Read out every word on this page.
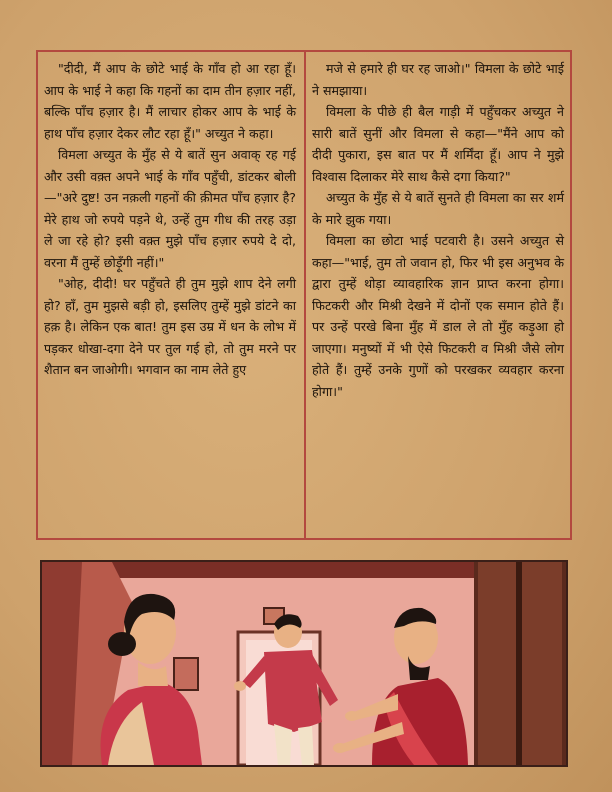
"दीदी, मैं आप के छोटे भाई के गाँव हो आ रहा हूँ। आप के भाई ने कहा कि गहनों का दाम तीन हज़ार नहीं, बल्कि पाँच हज़ार है। मैं लाचार होकर आप के भाई के हाथ पाँच हज़ार देकर लौट रहा हूँ।" अच्युत ने कहा।

विमला अच्युत के मुँह से ये बातें सुन अवाक् रह गई और उसी वक़्त अपने भाई के गाँव पहुँची, डांटकर बोली—"अरे दुष्ट! उन नक़ली गहनों की क़ीमत पाँच हज़ार है? मेरे हाथ जो रुपये पड़ने थे, उन्हें तुम गीध की तरह उड़ा ले जा रहे हो? इसी वक़्त मुझे पाँच हज़ार रुपये दे दो, वरना मैं तुम्हें छोड़ूँगी नहीं।"

"ओह, दीदी! घर पहुँचते ही तुम मुझे शाप देने लगी हो? हाँ, तुम मुझसे बड़ी हो, इसलिए तुम्हें मुझे डांटने का हक़ है। लेकिन एक बात! तुम इस उम्र में धन के लोभ में पड़कर धोखा-दगा देने पर तुल गई हो, तो तुम मरने पर शैतान बन जाओगी। भगवान का नाम लेते हुए

मजे से हमारे ही घर रह जाओ।" विमला के छोटे भाई ने समझाया।

विमला के पीछे ही बैल गाड़ी में पहुँचकर अच्युत ने सारी बातें सुनीं और विमला से कहा—"मैंने आप को दीदी पुकारा, इस बात पर मैं शर्मिंदा हूँ। आप ने मुझे विश्वास दिलाकर मेरे साथ कैसे दगा किया?"

अच्युत के मुँह से ये बातें सुनते ही विमला का सर शर्म के मारे झुक गया।

विमला का छोटा भाई पटवारी है। उसने अच्युत से कहा—"भाई, तुम तो जवान हो, फिर भी इस अनुभव के द्वारा तुम्हें थोड़ा व्यावहारिक ज्ञान प्राप्त करना होगा। फिटकरी और मिश्री देखने में दोनों एक समान होते हैं। पर उन्हें परखे बिना मुँह में डाल ले तो मुँह कड़ुआ हो जाएगा। मनुष्यों में भी ऐसे फिटकरी व मिश्री जैसे लोग होते हैं। तुम्हें उनके गुणों को परखकर व्यवहार करना होगा।"
